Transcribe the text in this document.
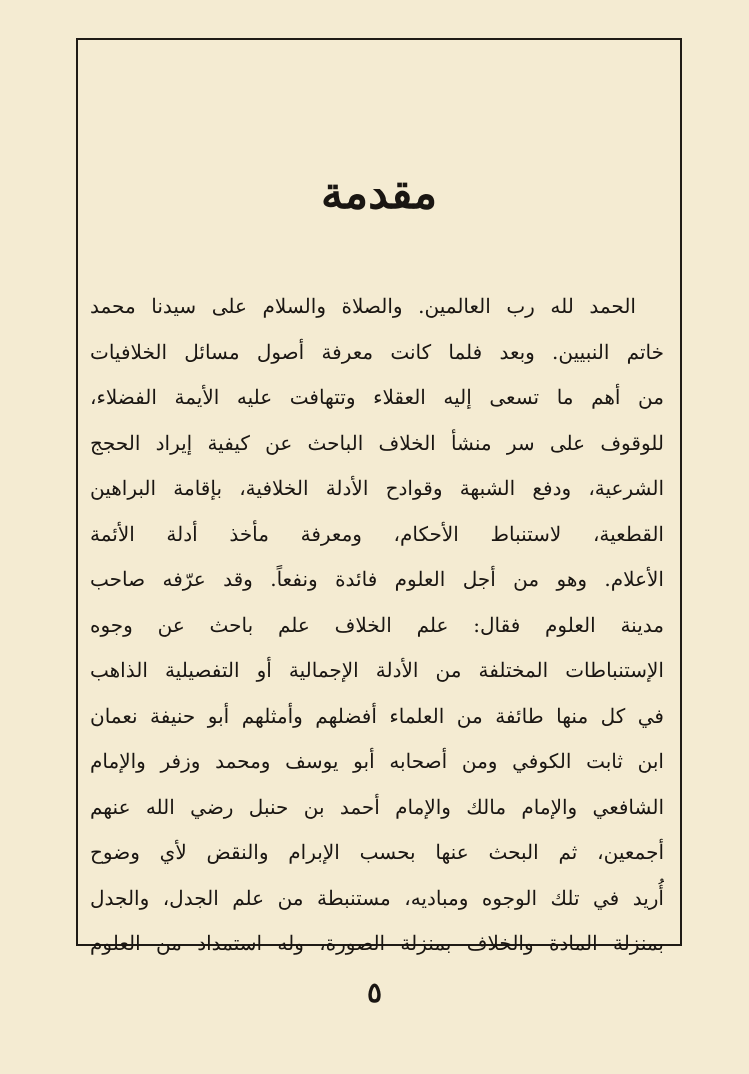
مقدمة
الحمد لله رب العالمين. والصلاة والسلام على سيدنا محمد
خاتم النبيين. وبعد فلما كانت معرفة أصول مسائل الخلافيات
من أهم ما تسعى إليه العقلاء وتتهافت عليه الأيمة الفضلاء،
للوقوف على سر منشأ الخلاف الباحث عن كيفية إيراد الحجج
الشرعية، ودفع الشبهة وقوادح الأدلة الخلافية، بإقامة البراهين
القطعية، لاستنباط الأحكام، ومعرفة مأخذ أدلة الأئمة
الأعلام. وهو من أجل العلوم فائدة ونفعاً. وقد عرّفه صاحب
مدينة العلوم فقال: علم الخلاف علم باحث عن وجوه
الإستنباطات المختلفة من الأدلة الإجمالية أو التفصيلية الذاهب
في كل منها طائفة من العلماء أفضلهم وأمثلهم أبو حنيفة نعمان
ابن ثابت الكوفي ومن أصحابه أبو يوسف ومحمد وزفر والإمام
الشافعي والإمام مالك والإمام أحمد بن حنبل رضي الله عنهم
أجمعين، ثم البحث عنها بحسب الإبرام والنقض لأي وضوح
أُريد في تلك الوجوه ومباديه، مستنبطة من علم الجدل، والجدل
بمنزلة المادة والخلاف بمنزلة الصورة، وله استمداد من العلوم
٥
